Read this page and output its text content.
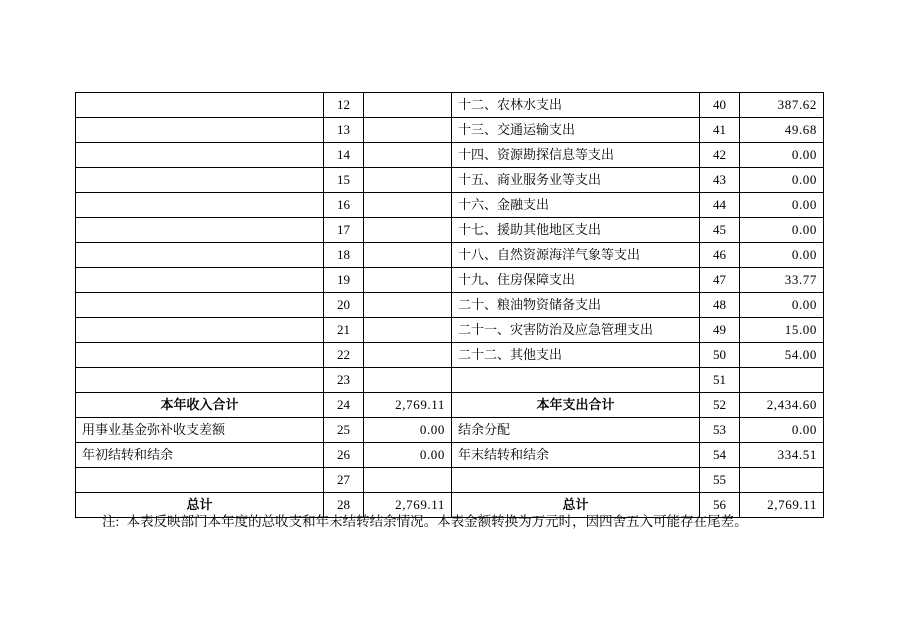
	12		十二、农林水支出	40	387.62
	13		十三、交通运输支出	41	49.68
	14		十四、资源勘探信息等支出	42	0.00
	15		十五、商业服务业等支出	43	0.00
	16		十六、金融支出	44	0.00
	17		十七、援助其他地区支出	45	0.00
	18		十八、自然资源海洋气象等支出	46	0.00
	19		十九、住房保障支出	47	33.77
	20		二十、粮油物资储备支出	48	0.00
	21		二十一、灾害防治及应急管理支出	49	15.00
	22		二十二、其他支出	50	54.00
	23			51	
本年收入合计	24	2,769.11	本年支出合计	52	2,434.60
用事业基金弥补收支差额	25	0.00	结余分配	53	0.00
年初结转和结余	26	0.00	年末结转和结余	54	334.51
	27			55	
总计	28	2,769.11	总计	56	2,769.11
注: 本表反映部门本年度的总收支和年末结转结余情况。本表金额转换为万元时，因四舍五入可能存在尾差。
